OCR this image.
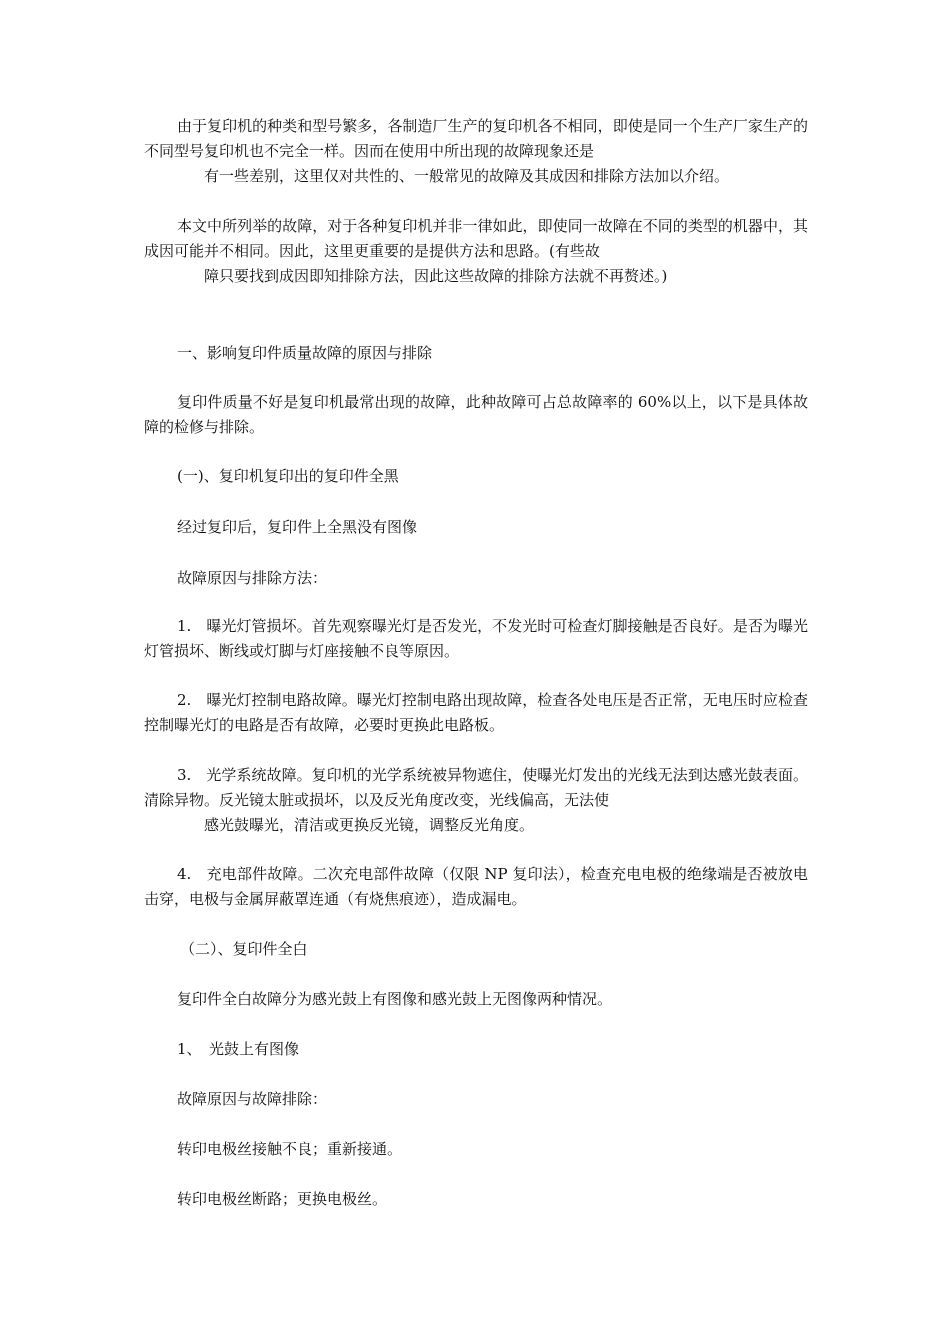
由于复印机的种类和型号繁多，各制造厂生产的复印机各不相同，即使是同一个生产厂家生产的不同型号复印机也不完全一样。因而在使用中所出现的故障现象还是

有一些差别，这里仅对共性的、一般常见的故障及其成因和排除方法加以介绍。

本文中所列举的故障，对于各种复印机并非一律如此，即使同一故障在不同的类型的机器中，其成因可能并不相同。因此，这里更重要的是提供方法和思路。(有些故

障只要找到成因即知排除方法，因此这些故障的排除方法就不再赘述。)

一、影响复印件质量故障的原因与排除

复印件质量不好是复印机最常出现的故障，此种故障可占总故障率的 60%以上，以下是具体故障的检修与排除。

(一)、复印机复印出的复印件全黑

经过复印后，复印件上全黑没有图像

故障原因与排除方法：

1.　曝光灯管损坏。首先观察曝光灯是否发光，不发光时可检查灯脚接触是否良好。是否为曝光灯管损坏、断线或灯脚与灯座接触不良等原因。

2.　曝光灯控制电路故障。曝光灯控制电路出现故障，检查各处电压是否正常，无电压时应检查控制曝光灯的电路是否有故障，必要时更换此电路板。

3.　光学系统故障。复印机的光学系统被异物遮住，使曝光灯发出的光线无法到达感光鼓表面。清除异物。反光镜太脏或损坏，以及反光角度改变，光线偏高，无法使

感光鼓曝光，清洁或更换反光镜，调整反光角度。

4.　充电部件故障。二次充电部件故障（仅限 NP 复印法），检查充电电极的绝缘端是否被放电击穿，电极与金属屏蔽罩连通（有烧焦痕迹），造成漏电。

（二）、复印件全白

复印件全白故障分为感光鼓上有图像和感光鼓上无图像两种情况。

1、　光鼓上有图像

故障原因与故障排除：

转印电极丝接触不良；重新接通。

转印电极丝断路；更换电极丝。
